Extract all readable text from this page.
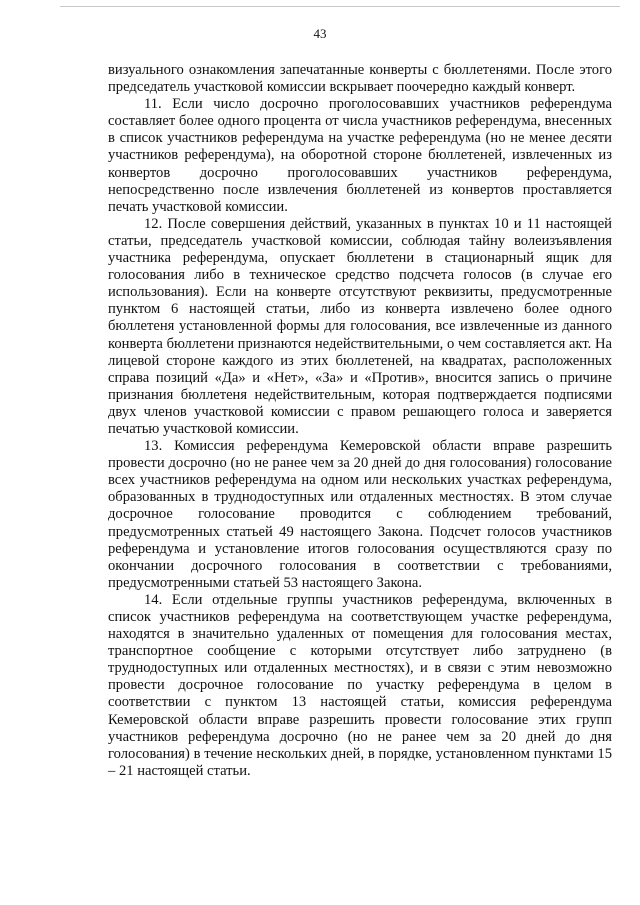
43

визуального ознакомления запечатанные конверты с бюллетенями. После этого председатель участковой комиссии вскрывает поочередно каждый конверт.

11. Если число досрочно проголосовавших участников референдума составляет более одного процента от числа участников референдума, внесенных в список участников референдума на участке референдума (но не менее десяти участников референдума), на оборотной стороне бюллетеней, извлеченных из конвертов досрочно проголосовавших участников референдума, непосредственно после извлечения бюллетеней из конвертов проставляется печать участковой комиссии.

12. После совершения действий, указанных в пунктах 10 и 11 настоящей статьи, председатель участковой комиссии, соблюдая тайну волеизъявления участника референдума, опускает бюллетени в стационарный ящик для голосования либо в техническое средство подсчета голосов (в случае его использования). Если на конверте отсутствуют реквизиты, предусмотренные пунктом 6 настоящей статьи, либо из конверта извлечено более одного бюллетеня установленной формы для голосования, все извлеченные из данного конверта бюллетени признаются недействительными, о чем составляется акт. На лицевой стороне каждого из этих бюллетеней, на квадратах, расположенных справа позиций «Да» и «Нет», «За» и «Против», вносится запись о причине признания бюллетеня недействительным, которая подтверждается подписями двух членов участковой комиссии с правом решающего голоса и заверяется печатью участковой комиссии.

13. Комиссия референдума Кемеровской области вправе разрешить провести досрочно (но не ранее чем за 20 дней до дня голосования) голосование всех участников референдума на одном или нескольких участках референдума, образованных в труднодоступных или отдаленных местностях. В этом случае досрочное голосование проводится с соблюдением требований, предусмотренных статьей 49 настоящего Закона. Подсчет голосов участников референдума и установление итогов голосования осуществляются сразу по окончании досрочного голосования в соответствии с требованиями, предусмотренными статьей 53 настоящего Закона.

14. Если отдельные группы участников референдума, включенных в список участников референдума на соответствующем участке референдума, находятся в значительно удаленных от помещения для голосования местах, транспортное сообщение с которыми отсутствует либо затруднено (в труднодоступных или отдаленных местностях), и в связи с этим невозможно провести досрочное голосование по участку референдума в целом в соответствии с пунктом 13 настоящей статьи, комиссия референдума Кемеровской области вправе разрешить провести голосование этих групп участников референдума досрочно (но не ранее чем за 20 дней до дня голосования) в течение нескольких дней, в порядке, установленном пунктами 15 – 21 настоящей статьи.
